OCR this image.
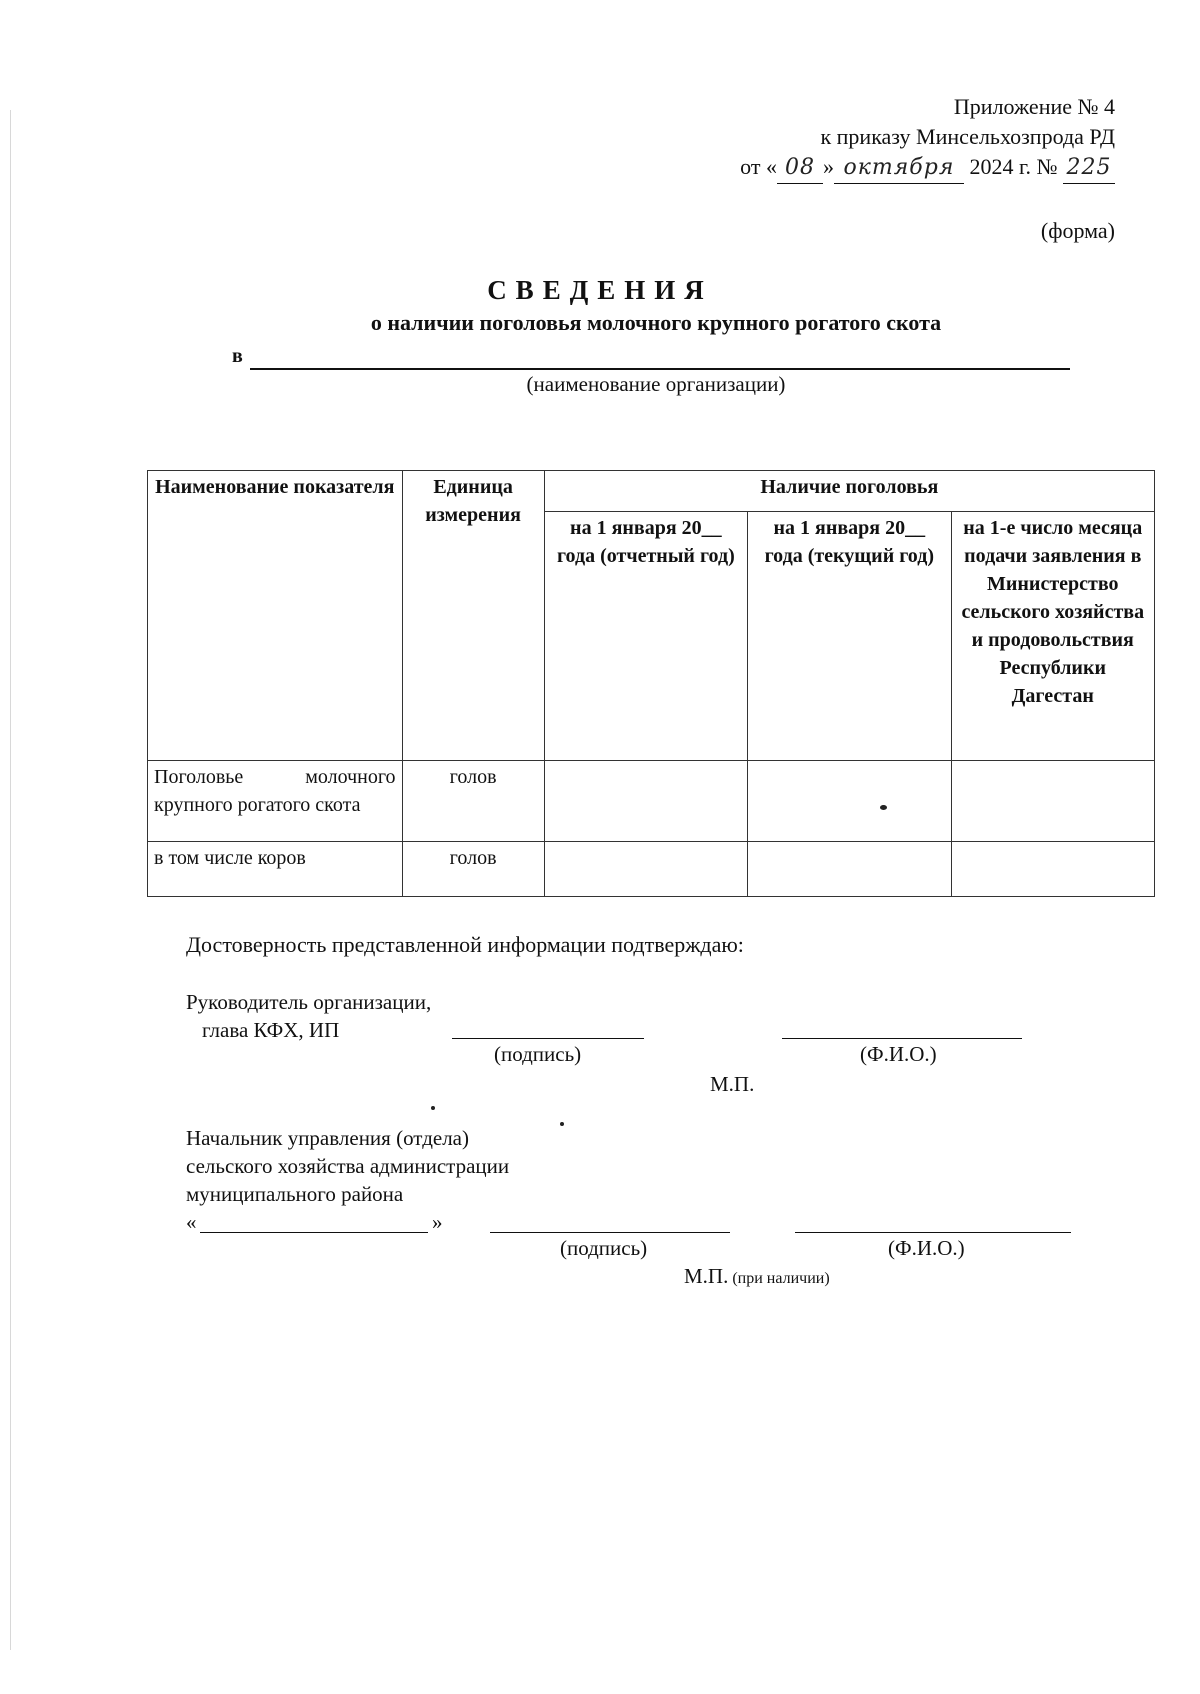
Приложение № 4
к приказу Минсельхозпрода РД
от « 08 » октября 2024 г. № 225
(форма)
СВЕДЕНИЯ
о наличии поголовья молочного крупного рогатого скота
в
(наименование организации)
Наименование показателя	Единица измерения	Наличие поголовья		
		на 1 января 20__ года (отчетный год)	на 1 января 20__ года (текущий год)	на 1-е число месяца подачи заявления в Министерство сельского хозяйства и продовольствия Республики Дагестан
Поголовье молочного крупного рогатого скота	голов			
в том числе коров	голов			
Достоверность представленной информации подтверждаю:
Руководитель организации,
глава КФХ, ИП
(подпись)	(Ф.И.О.)
М.П.
Начальник управления (отдела)
сельского хозяйства администрации
муниципального района
«	»
(подпись)	(Ф.И.О.)
М.П. (при наличии)
